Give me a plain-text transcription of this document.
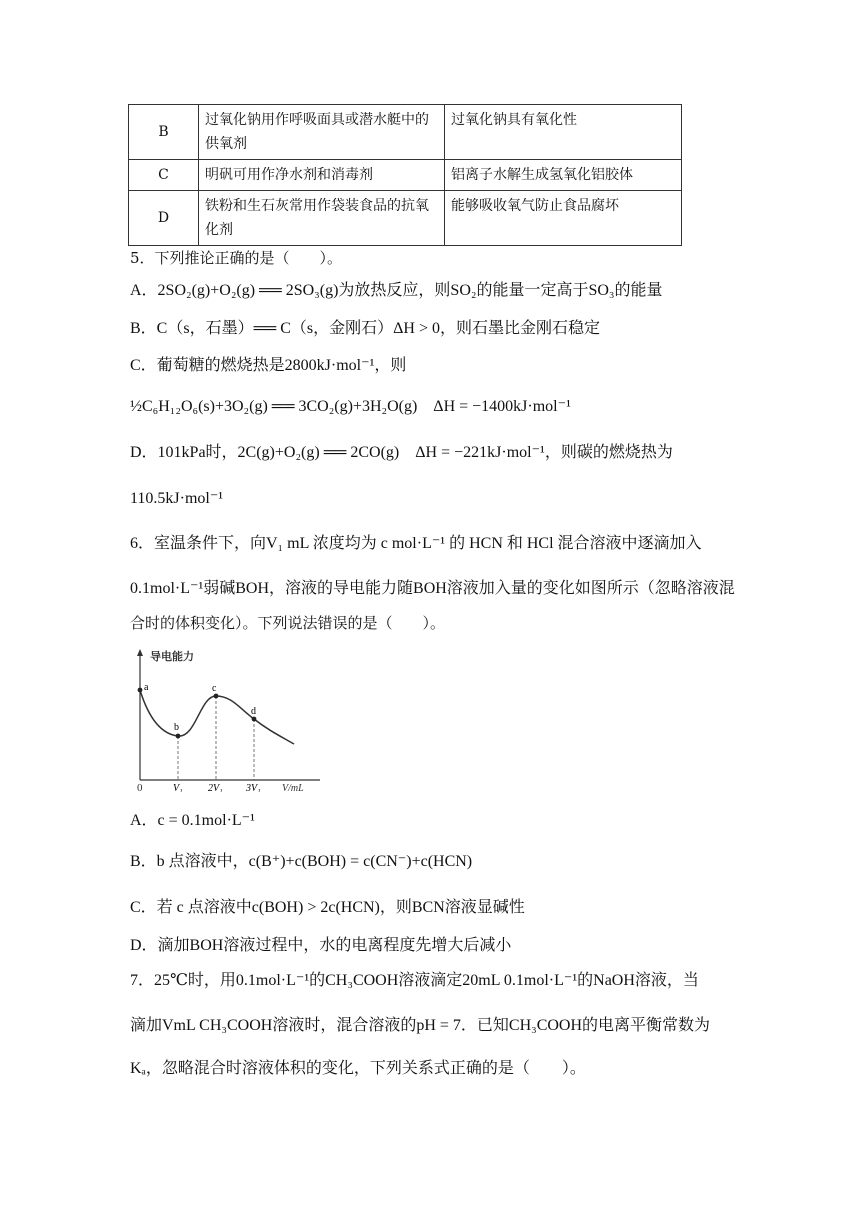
B	过氧化钠用作呼吸面具或潜水艇中的供氧剂	过氧化钠具有氧化性
C	明矾可用作净水剂和消毒剂	铝离子水解生成氢氧化铝胶体
D	铁粉和生石灰常用作袋装食品的抗氧化剂	能够吸收氧气防止食品腐坏
5．下列推论正确的是（　　）。
A．2SO₂(g)+O₂(g) ══ 2SO₃(g)为放热反应，则SO₂的能量一定高于SO₃的能量
B．C（s，石墨）══ C（s，金刚石）ΔH > 0，则石墨比金刚石稳定
C．葡萄糖的燃烧热是2800kJ·mol⁻¹，则
½C₆H₁₂O₆(s)+3O₂(g) ══ 3CO₂(g)+3H₂O(g)　ΔH = −1400kJ·mol⁻¹
D．101kPa时，2C(g)+O₂(g) ══ 2CO(g)　ΔH = −221kJ·mol⁻¹，则碳的燃烧热为
110.5kJ·mol⁻¹
6．室温条件下，向V₁ mL 浓度均为 c mol·L⁻¹ 的 HCN 和 HCl 混合溶液中逐滴加入
0.1mol·L⁻¹弱碱BOH，溶液的导电能力随BOH溶液加入量的变化如图所示（忽略溶液混
合时的体积变化）。下列说法错误的是（　　）。
导电能力
V/mL
0
a
b
c
d
V₁	2V₁ 3V₁
A．c = 0.1mol·L⁻¹
B．b 点溶液中，c(B⁺)+c(BOH) = c(CN⁻)+c(HCN)
C．若 c 点溶液中c(BOH) > 2c(HCN)，则BCN溶液显碱性
D．滴加BOH溶液过程中，水的电离程度先增大后减小
7．25℃时，用0.1mol·L⁻¹的CH₃COOH溶液滴定20mL 0.1mol·L⁻¹的NaOH溶液，当
滴加VmL CH₃COOH溶液时，混合溶液的pH = 7．已知CH₃COOH的电离平衡常数为
Kₐ，忽略混合时溶液体积的变化，下列关系式正确的是（　　）。
